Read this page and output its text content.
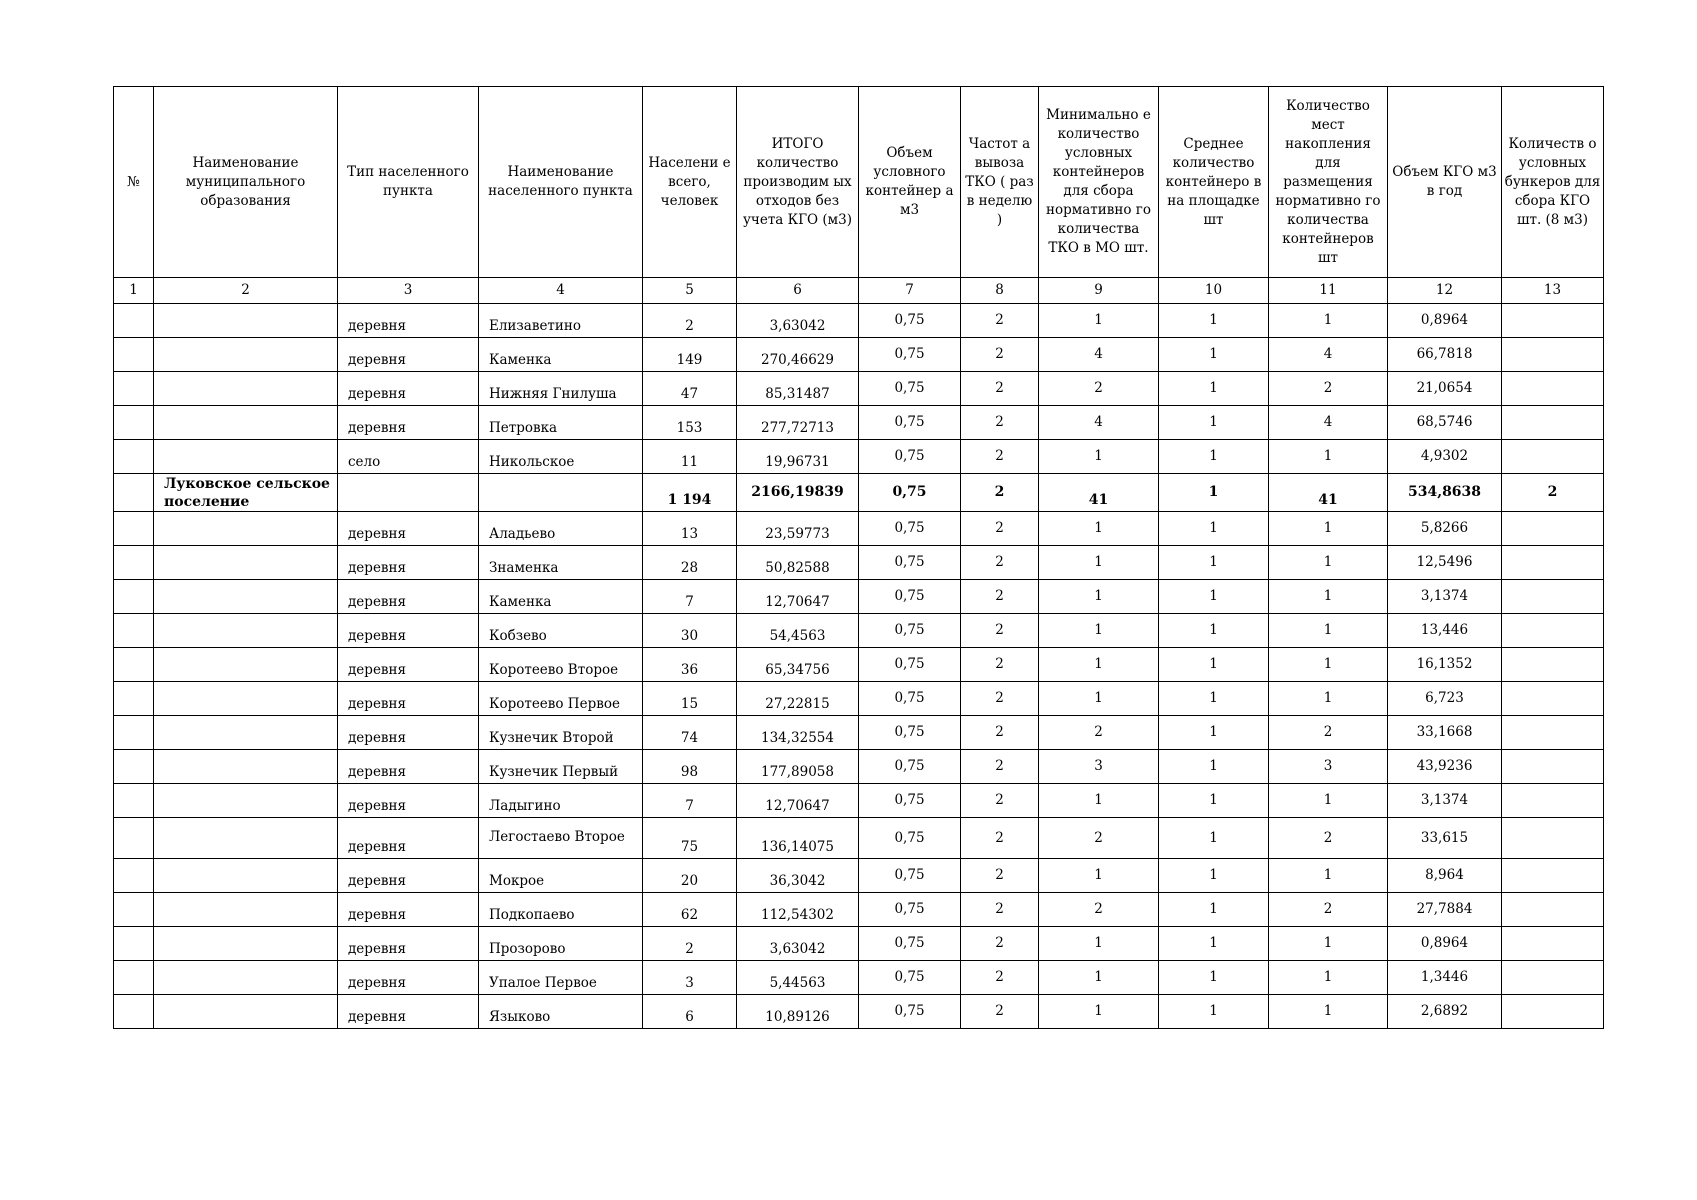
№	Наименование муниципального образования	Тип населенного пункта	Наименование населенного пункта	Населени е всего, человек	ИТОГО количество производим ых отходов без учета КГО (м3)	Объем условного контейнер а м3	Частот а вывоза ТКО ( раз в неделю )	Минимально е количество условных контейнеров для сбора нормативно го количества ТКО в МО шт.	Среднее количество контейнеро в на площадке шт	Количество мест накопления для размещения нормативно го количества контейнеров шт	Объем КГО м3 в год	Количеств о условных бункеров для сбора КГО шт. (8 м3)
1	2	3	4	5	6	7	8	9	10	11	12	13
		деревня	Елизаветино	2	3,63042	0,75	2	1	1	1	0,8964	
		деревня	Каменка	149	270,46629	0,75	2	4	1	4	66,7818	
		деревня	Нижняя Гнилуша	47	85,31487	0,75	2	2	1	2	21,0654	
		деревня	Петровка	153	277,72713	0,75	2	4	1	4	68,5746	
		село	Никольское	11	19,96731	0,75	2	1	1	1	4,9302	
	Луковское сельское поселение			1 194	2166,19839	0,75	2	41	1	41	534,8638	2
		деревня	Аладьево	13	23,59773	0,75	2	1	1	1	5,8266	
		деревня	Знаменка	28	50,82588	0,75	2	1	1	1	12,5496	
		деревня	Каменка	7	12,70647	0,75	2	1	1	1	3,1374	
		деревня	Кобзево	30	54,4563	0,75	2	1	1	1	13,446	
		деревня	Коротеево Второе	36	65,34756	0,75	2	1	1	1	16,1352	
		деревня	Коротеево Первое	15	27,22815	0,75	2	1	1	1	6,723	
		деревня	Кузнечик Второй	74	134,32554	0,75	2	2	1	2	33,1668	
		деревня	Кузнечик Первый	98	177,89058	0,75	2	3	1	3	43,9236	
		деревня	Ладыгино	7	12,70647	0,75	2	1	1	1	3,1374	
		деревня	Легостаево Второе	75	136,14075	0,75	2	2	1	2	33,615	
		деревня	Мокрое	20	36,3042	0,75	2	1	1	1	8,964	
		деревня	Подкопаево	62	112,54302	0,75	2	2	1	2	27,7884	
		деревня	Прозорово	2	3,63042	0,75	2	1	1	1	0,8964	
		деревня	Упалое Первое	3	5,44563	0,75	2	1	1	1	1,3446	
		деревня	Языково	6	10,89126	0,75	2	1	1	1	2,6892	
